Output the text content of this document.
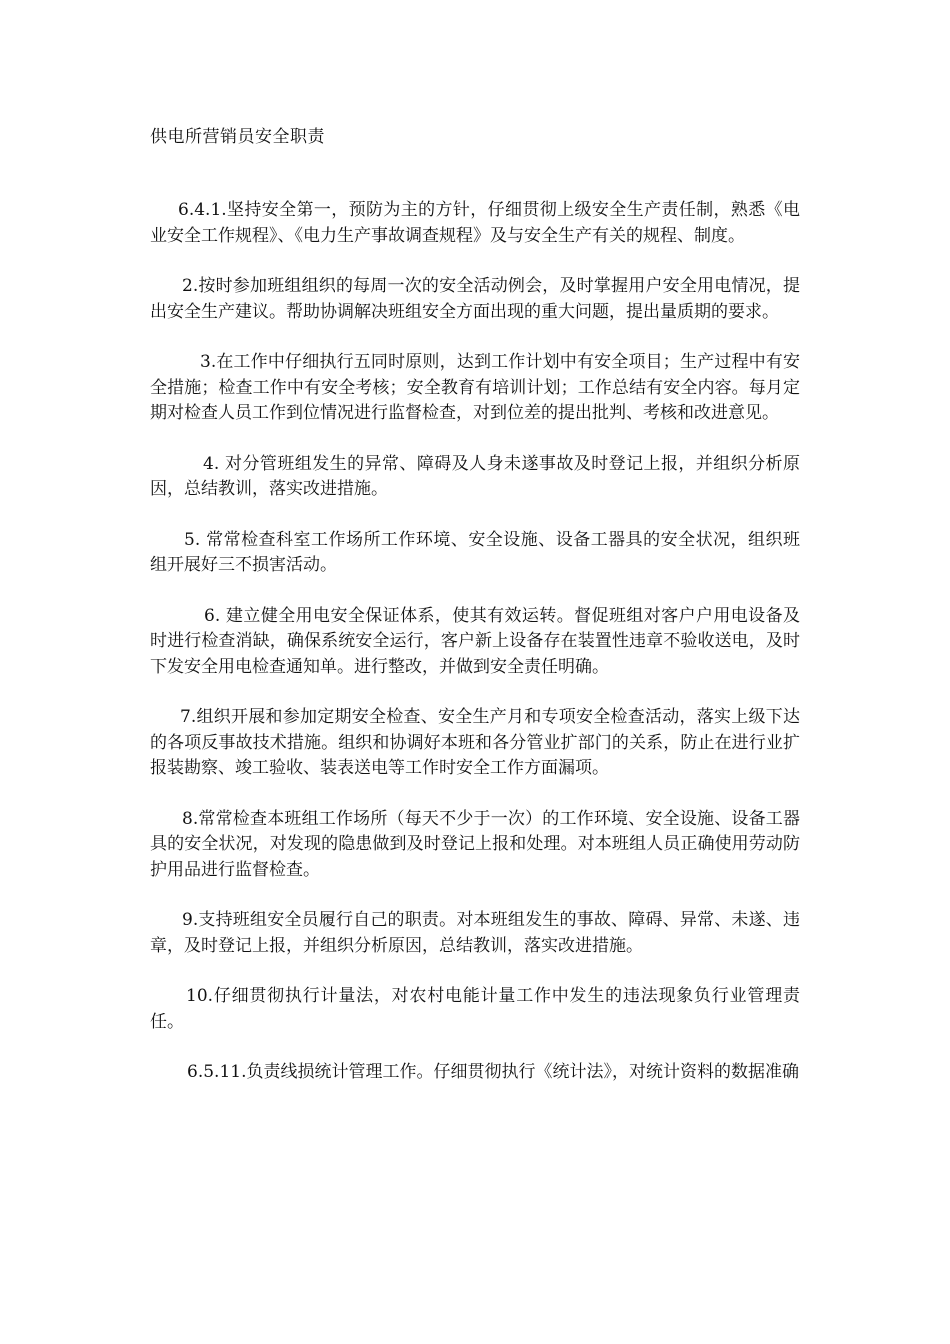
供电所营销员安全职责

6.4.1.坚持安全第一，预防为主的方针，仔细贯彻上级安全生产责任制，熟悉《电业安全工作规程》、《电力生产事故调查规程》及与安全生产有关的规程、制度。

2.按时参加班组组织的每周一次的安全活动例会，及时掌握用户安全用电情况，提出安全生产建议。帮助协调解决班组安全方面出现的重大问题，提出量质期的要求。

3.在工作中仔细执行五同时原则，达到工作计划中有安全项目；生产过程中有安全措施；检查工作中有安全考核；安全教育有培训计划；工作总结有安全内容。每月定期对检查人员工作到位情况进行监督检查，对到位差的提出批判、考核和改进意见。

4. 对分管班组发生的异常、障碍及人身未遂事故及时登记上报，并组织分析原因，总结教训，落实改进措施。

5. 常常检查科室工作场所工作环境、安全设施、设备工器具的安全状况，组织班组开展好三不损害活动。

6. 建立健全用电安全保证体系，使其有效运转。督促班组对客户户用电设备及时进行检查消缺，确保系统安全运行，客户新上设备存在装置性违章不验收送电，及时下发安全用电检查通知单。进行整改，并做到安全责任明确。

7.组织开展和参加定期安全检查、安全生产月和专项安全检查活动，落实上级下达的各项反事故技术措施。组织和协调好本班和各分管业扩部门的关系，防止在进行业扩报装勘察、竣工验收、装表送电等工作时安全工作方面漏项。

8.常常检查本班组工作场所（每天不少于一次）的工作环境、安全设施、设备工器具的安全状况，对发现的隐患做到及时登记上报和处理。对本班组人员正确使用劳动防护用品进行监督检查。

9.支持班组安全员履行自己的职责。对本班组发生的事故、障碍、异常、未遂、违章，及时登记上报，并组织分析原因，总结教训，落实改进措施。

10.仔细贯彻执行计量法，对农村电能计量工作中发生的违法现象负行业管理责任。

6.5.11.负责线损统计管理工作。仔细贯彻执行《统计法》，对统计资料的数据准确
